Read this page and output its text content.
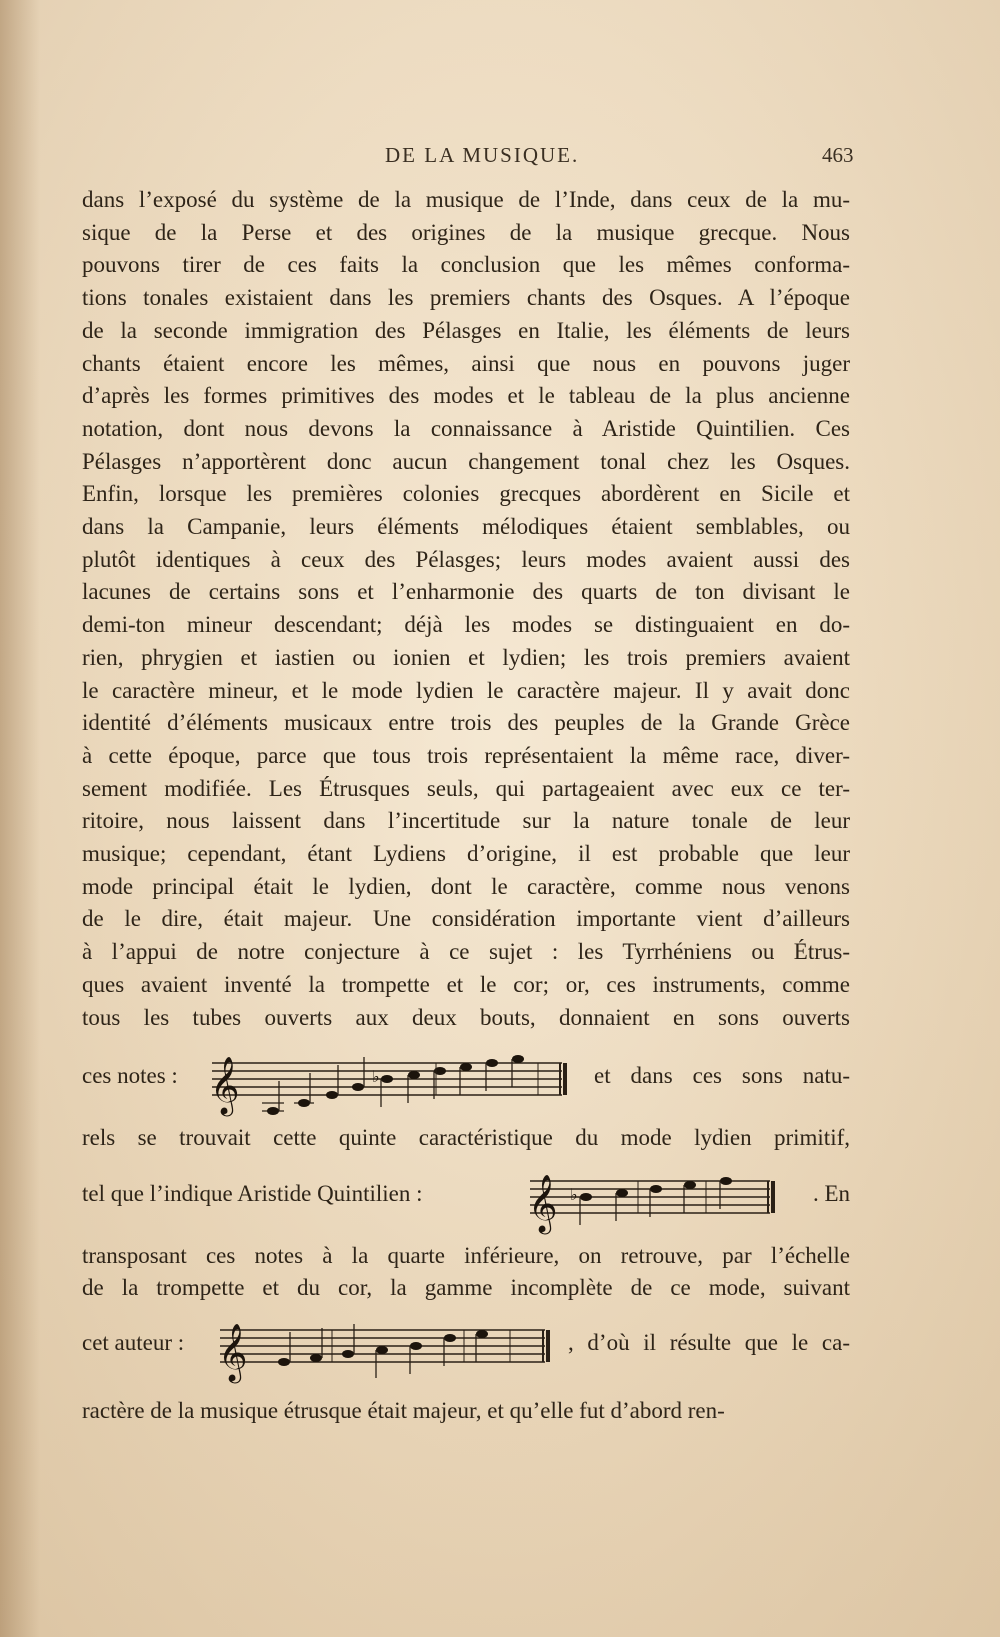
DE LA MUSIQUE.	463
dans l’exposé du système de la musique de l’Inde, dans ceux de la mu-
sique de la Perse et des origines de la musique grecque. Nous
pouvons tirer de ces faits la conclusion que les mêmes conforma-
tions tonales existaient dans les premiers chants des Osques. A l’époque
de la seconde immigration des Pélasges en Italie, les éléments de leurs
chants étaient encore les mêmes, ainsi que nous en pouvons juger
d’après les formes primitives des modes et le tableau de la plus ancienne
notation, dont nous devons la connaissance à Aristide Quintilien. Ces
Pélasges n’apportèrent donc aucun changement tonal chez les Osques.
Enfin, lorsque les premières colonies grecques abordèrent en Sicile et
dans la Campanie, leurs éléments mélodiques étaient semblables, ou
plutôt identiques à ceux des Pélasges; leurs modes avaient aussi des
lacunes de certains sons et l’enharmonie des quarts de ton divisant le
demi-ton mineur descendant; déjà les modes se distinguaient en do-
rien, phrygien et iastien ou ionien et lydien; les trois premiers avaient
le caractère mineur, et le mode lydien le caractère majeur. Il y avait donc
identité d’éléments musicaux entre trois des peuples de la Grande Grèce
à cette époque, parce que tous trois représentaient la même race, diver-
sement modifiée. Les Étrusques seuls, qui partageaient avec eux ce ter-
ritoire, nous laissent dans l’incertitude sur la nature tonale de leur
musique; cependant, étant Lydiens d’origine, il est probable que leur
mode principal était le lydien, dont le caractère, comme nous venons
de le dire, était majeur. Une considération importante vient d’ailleurs
à l’appui de notre conjecture à ce sujet : les Tyrrhéniens ou Étrus-
ques avaient inventé la trompette et le cor; or, ces instruments, comme
tous les tubes ouverts aux deux bouts, donnaient en sons ouverts
ces notes : 𝄞	♭	et dans ces sons natu-
rels se trouvait cette quinte caractéristique du mode lydien primitif,
tel que l’indique Aristide Quintilien : 𝄞 ♭	. En
transposant ces notes à la quarte inférieure, on retrouve, par l’échelle
de la trompette et du cor, la gamme incomplète de ce mode, suivant
cet auteur : 𝄞	, d’où il résulte que le ca-
ractère de la musique étrusque était majeur, et qu’elle fut d’abord ren-
